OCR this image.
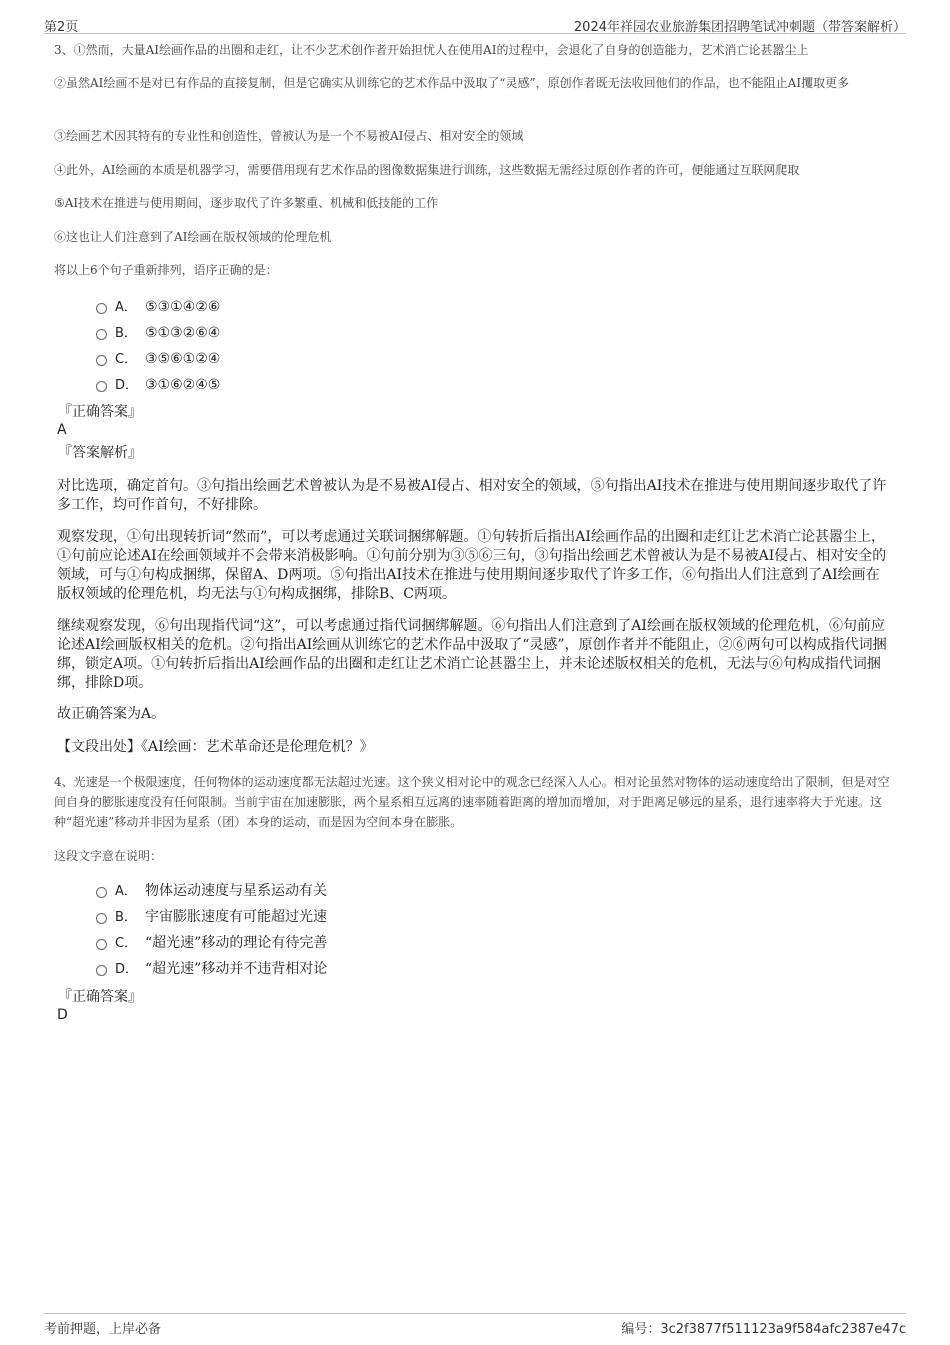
第2页	2024年祥园农业旅游集团招聘笔试冲刺题（带答案解析）
3、①然而，大量AI绘画作品的出圈和走红，让不少艺术创作者开始担忧人在使用AI的过程中，会退化了自身的创造能力，艺术消亡论甚嚣尘上
②虽然AI绘画不是对已有作品的直接复制，但是它确实从训练它的艺术作品中汲取了“灵感”，原创作者既无法收回他们的作品，也不能阻止AI攫取更多
③绘画艺术因其特有的专业性和创造性，曾被认为是一个不易被AI侵占、相对安全的领域
④此外，AI绘画的本质是机器学习，需要借用现有艺术作品的图像数据集进行训练，这些数据无需经过原创作者的许可，便能通过互联网爬取
⑤AI技术在推进与使用期间，逐步取代了许多繁重、机械和低技能的工作
⑥这也让人们注意到了AI绘画在版权领域的伦理危机
将以上6个句子重新排列，语序正确的是：
A． ⑤③①④②⑥
B． ⑤①③②⑥④
C． ③⑤⑥①②④
D． ③①⑥②④⑤
『正确答案』
A
『答案解析』
对比选项，确定首句。③句指出绘画艺术曾被认为是不易被AI侵占、相对安全的领域，⑤句指出AI技术在推进与使用期间逐步取代了许多工作，均可作首句，不好排除。
观察发现，①句出现转折词“然而”，可以考虑通过关联词捆绑解题。①句转折后指出AI绘画作品的出圈和走红让艺术消亡论甚嚣尘上，①句前应论述AI在绘画领域并不会带来消极影响。①句前分别为③⑤⑥三句，③句指出绘画艺术曾被认为是不易被AI侵占、相对安全的领域，可与①句构成捆绑，保留A、D两项。⑤句指出AI技术在推进与使用期间逐步取代了许多工作，⑥句指出人们注意到了AI绘画在版权领域的伦理危机，均无法与①句构成捆绑，排除B、C两项。
继续观察发现，⑥句出现指代词“这”，可以考虑通过指代词捆绑解题。⑥句指出人们注意到了AI绘画在版权领域的伦理危机，⑥句前应论述AI绘画版权相关的危机。②句指出AI绘画从训练它的艺术作品中汲取了“灵感”，原创作者并不能阻止，②⑥两句可以构成指代词捆绑，锁定A项。①句转折后指出AI绘画作品的出圈和走红让艺术消亡论甚嚣尘上，并未论述版权相关的危机，无法与⑥句构成指代词捆绑，排除D项。
故正确答案为A。
【文段出处】《AI绘画：艺术革命还是伦理危机？》
4、光速是一个极限速度，任何物体的运动速度都无法超过光速。这个狭义相对论中的观念已经深入人心。相对论虽然对物体的运动速度给出了限制，但是对空间自身的膨胀速度没有任何限制。当前宇宙在加速膨胀，两个星系相互远离的速率随着距离的增加而增加，对于距离足够远的星系，退行速率将大于光速。这种“超光速”移动并非因为星系（团）本身的运动，而是因为空间本身在膨胀。
这段文字意在说明：
A． 物体运动速度与星系运动有关
B． 宇宙膨胀速度有可能超过光速
C． “超光速”移动的理论有待完善
D． “超光速”移动并不违背相对论
『正确答案』
D
考前押题，上岸必备	编号：3c2f3877f511123a9f584afc2387e47c
